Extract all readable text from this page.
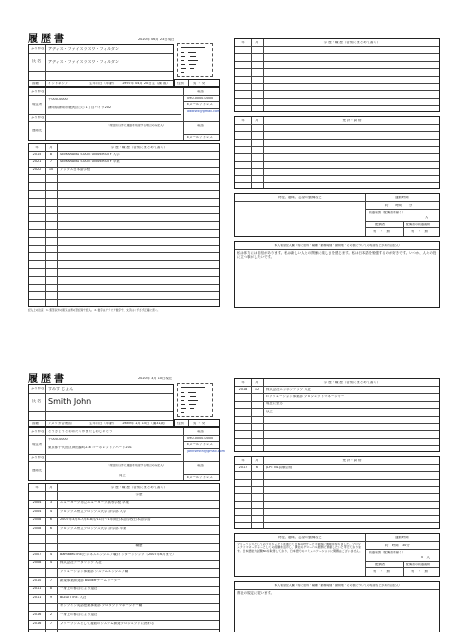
履歴書	2020年 06月 23日現在
ふりがな アディス・ファイスラスワ・フィルダン
氏 名 アディス・ファイスラスワ・フィルダン
国籍	インドネシア	生年月日（年齢） 1997年 04月 20日生（満 歳） 性別	男 ・ 女
ふりがな
現住所
〒000-0000
静岡県静岡市駿河区○○ 1丁目ハイツ202
電話
090-0000-0000
Eメールアドレス
addisfx@gmail.com
ふりがな
連絡先
（現住所以外に連絡を希望する場合のみ記入）	電話
Eメールアドレス
年	月	学 歴・職 歴（各別にまとめて書く）
2015	8	SEMARANG STATE UNIVERSITY 入学
2021	7	SEMARANG STATE UNIVERSITY 卒業
2022	10	アップス日本語学校
記入上の注意　1. 鉛筆以外の黒又は青の筆記具で記入。 2. 数字はアラビア数字で、文字はくずさず正確に書く。
年	月	学 歴・職 歴（各別にまとめて書く）
年	月	免 許・資 格
特技、趣味、志望の動機など	通勤時間
約　　時間　　分
扶養家族（配偶者を除く）
人
配偶者	配偶者の扶養義務
有　・　無	有　・　無
本人希望記入欄（特に給料・職種・勤務時間・勤務地・その他についての希望などがあれば記入）
私は体力には自信があります。私は新しい人との関係に楽しさを感じます。私は日本語を勉強するのが好きです。いつか、人々の役に立つ事がしたいです。
履歴書	2020年 3月 10日現在
ふりがな すみす じょん
氏 名 Smith John
国籍	アメリカ合衆国	生年月日（年齢） 1989年 1月 15日（満31歳）	性別	男 ・ 女
ふりがな とうきょうとおおたくかまたしおじゃとう
現住所
〒000-0000
東京都千代田区神田錦町2-6 コーポレットアパート201
電話
090-0000-0000
Eメールアドレス
johnsmith@gmail.com
ふりがな
連絡先
（現住所以外に連絡を希望する場合のみ記入）
同上
電話
Eメールアドレス
年	月	学 歴・職 歴（各別にまとめて書く）
学歴
2004	3	ニューヨーク市立ニューヨーク高等学校 卒業
2004	4	ブロンクス州立ブロンクス大学 評学部 入学
2008	6	2007年3月4-7月4-8月/11月～1年間日本語学校日本語学習
2008	6	ブロンクス州立ブロンクス大学 評学部 卒業
職歴
2007	4	Bamateu Inc(ビジネスエンジニア職)インターンシップ（2007年6月まで）
2008	4	株式会社データリンク 入社
ソリューション事業部 システムエンジニア職
2010	7	新規事業開発部 Builderチームリーダー
2011	8	一身上の都合により退社
2011	9	BIZGIT Inc. 入社
オンライン英語授業事業部 プロダクトマネージャー職
2016	2	一身上の都合により退社
2016	7	フリーランスとして複数のシステム開発プロジェクトに携わる
年	月	学 歴・職 歴（各別にまとめて書く）
2018	12	株式会社ニッポンテック 入社
ITソリューション事業部 プロジェクトマネージャー
現在に至る
以上
年	月	免 許・資 格
2017	6	JLPT N1試験合格
特技、趣味、志望の動機など
フリーランスとしてのプロジェクトを通じて日本のITサービス業界に興味を持ちました。プロジェクトマネージャーとしての経験を活かし、貴社のグローバル展開に貢献したいと考えております。日本語能力試験N1を取得しており、日本語でのコミュニケーションに問題はございません。
通勤時間
約　時間　30分
扶養家族（配偶者を除く）
0　人
配偶者	配偶者の扶養義務
有　・　無	有　・　無
本人希望記入欄（特に給料・職種・勤務時間・勤務地・その他についての希望などがあれば記入）
貴社の規定に従います。
